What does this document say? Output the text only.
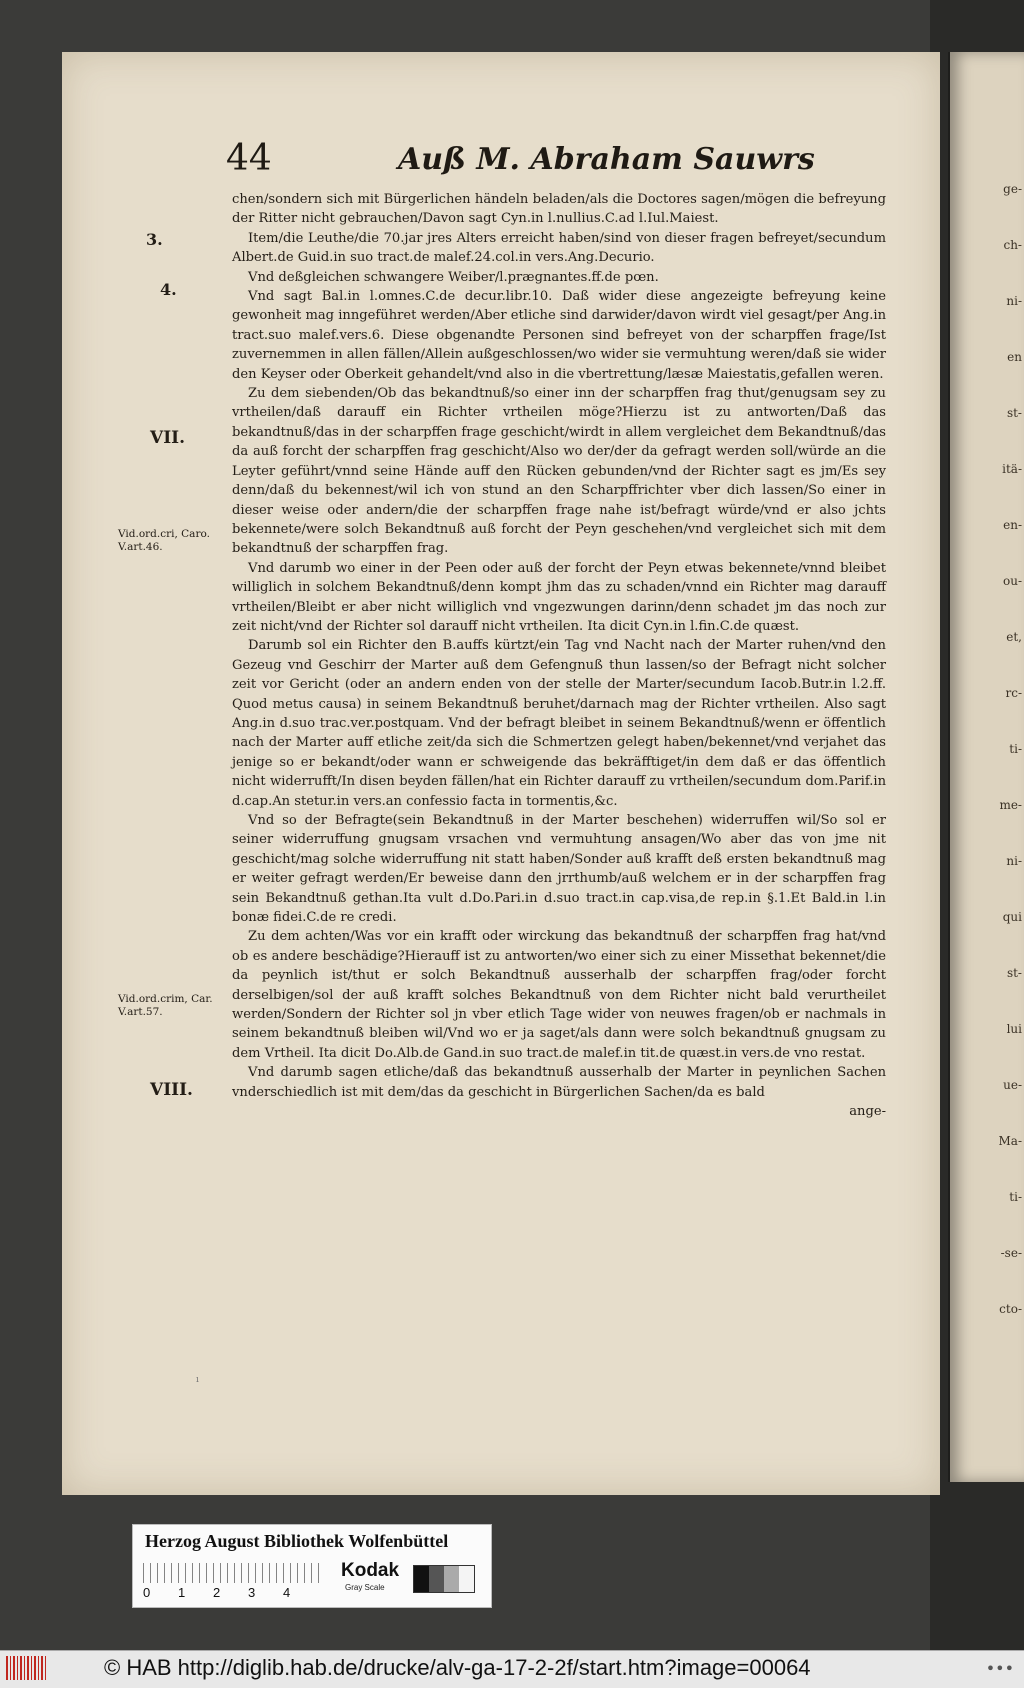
ge-
ch-
ni-
en
st-
itä-
en-
ou-
et,
rc-
ti-
me-
ni-
qui
st-
lui
ue-
Ma-
ti-
-se-
cto-
44	Auß M. Abraham Sauwrs
3.
4.
VII.
Vid.ord.cri, Caro. V.art.46.
Vid.ord.crim, Car. V.art.57.
VIII.

chen/sondern sich mit Bürgerlichen händeln beladen/als die Doctores sagen/mögen die befreyung der Ritter nicht gebrauchen/Davon sagt Cyn.in l.nullius.C.ad l.Iul.Maiest.

Item/die Leuthe/die 70.jar jres Alters erreicht haben/sind von dieser fragen befreyet/secundum Albert.de Guid.in suo tract.de malef.24.col.in vers.Ang.Decurio.

Vnd deßgleichen schwangere Weiber/l.prægnantes.ff.de pœn.

Vnd sagt Bal.in l.omnes.C.de decur.libr.10. Daß wider diese angezeigte befreyung keine gewonheit mag inngeführet werden/Aber etliche sind darwider/davon wirdt viel gesagt/per Ang.in tract.suo malef.vers.6. Diese obgenandte Personen sind befreyet von der scharpffen frage/Ist zuvernemmen in allen fällen/Allein außgeschlossen/wo wider sie vermuhtung weren/daß sie wider den Keyser oder Oberkeit gehandelt/vnd also in die vbertrettung/læsæ Maiestatis,gefallen weren.

Zu dem siebenden/Ob das bekandtnuß/so einer inn der scharpffen frag thut/genugsam sey zu vrtheilen/daß darauff ein Richter vrtheilen möge?Hierzu ist zu antworten/Daß das bekandtnuß/das in der scharpffen frage geschicht/wirdt in allem vergleichet dem Bekandtnuß/das da auß forcht der scharpffen frag geschicht/Also wo der/der da gefragt werden soll/würde an die Leyter geführt/vnnd seine Hände auff den Rücken gebunden/vnd der Richter sagt es jm/Es sey denn/daß du bekennest/wil ich von stund an den Scharpffrichter vber dich lassen/So einer in dieser weise oder andern/die der scharpffen frage nahe ist/befragt würde/vnd er also jchts bekennete/were solch Bekandtnuß auß forcht der Peyn geschehen/vnd vergleichet sich mit dem bekandtnuß der scharpffen frag.

Vnd darumb wo einer in der Peen oder auß der forcht der Peyn etwas bekennete/vnnd bleibet williglich in solchem Bekandtnuß/denn kompt jhm das zu schaden/vnnd ein Richter mag darauff vrtheilen/Bleibt er aber nicht williglich vnd vngezwungen darinn/denn schadet jm das noch zur zeit nicht/vnd der Richter sol darauff nicht vrtheilen. Ita dicit Cyn.in l.fin.C.de quæst.

Darumb sol ein Richter den B.auffs kürtzt/ein Tag vnd Nacht nach der Marter ruhen/vnd den Gezeug vnd Geschirr der Marter auß dem Gefengnuß thun lassen/so der Befragt nicht solcher zeit vor Gericht (oder an andern enden von der stelle der Marter/secundum Iacob.Butr.in l.2.ff. Quod metus causa) in seinem Bekandtnuß beruhet/darnach mag der Richter vrtheilen. Also sagt Ang.in d.suo trac.ver.postquam. Vnd der befragt bleibet in seinem Bekandtnuß/wenn er öffentlich nach der Marter auff etliche zeit/da sich die Schmertzen gelegt haben/bekennet/vnd verjahet das jenige so er bekandt/oder wann er schweigende das bekräfftiget/in dem daß er das öffentlich nicht widerrufft/In disen beyden fällen/hat ein Richter darauff zu vrtheilen/secundum dom.Parif.in d.cap.An stetur.in vers.an confessio facta in tormentis,&c.

Vnd so der Befragte(sein Bekandtnuß in der Marter beschehen) widerruffen wil/So sol er seiner widerruffung gnugsam vrsachen vnd vermuhtung ansagen/Wo aber das von jme nit geschicht/mag solche widerruffung nit statt haben/Sonder auß krafft deß ersten bekandtnuß mag er weiter gefragt werden/Er beweise dann den jrrthumb/auß welchem er in der scharpffen frag sein Bekandtnuß gethan.Ita vult d.Do.Pari.in d.suo tract.in cap.visa,de rep.in §.1.Et Bald.in l.in bonæ fidei.C.de re credi.

Zu dem achten/Was vor ein krafft oder wirckung das bekandtnuß der scharpffen frag hat/vnd ob es andere beschädige?Hierauff ist zu antworten/wo einer sich zu einer Missethat bekennet/die da peynlich ist/thut er solch Bekandtnuß ausserhalb der scharpffen frag/oder forcht derselbigen/sol der auß krafft solches Bekandtnuß von dem Richter nicht bald verurtheilet werden/Sondern der Richter sol jn vber etlich Tage wider von neuwes fragen/ob er nachmals in seinem bekandtnuß bleiben wil/Vnd wo er ja saget/als dann were solch bekandtnuß gnugsam zu dem Vrtheil. Ita dicit Do.Alb.de Gand.in suo tract.de malef.in tit.de quæst.in vers.de vno restat.

Vnd darumb sagen etliche/daß das bekandtnuß ausserhalb der Marter in peynlichen Sachen vnderschiedlich ist mit dem/das da geschicht in Bürgerlichen Sachen/da es bald

ange-

ı
Herzog August Bibliothek Wolfenbüttel
0 1 2 3 4
Kodak
Gray Scale
© HAB http://diglib.hab.de/drucke/alv-ga-17-2-2f/start.htm?image=00064	•••
